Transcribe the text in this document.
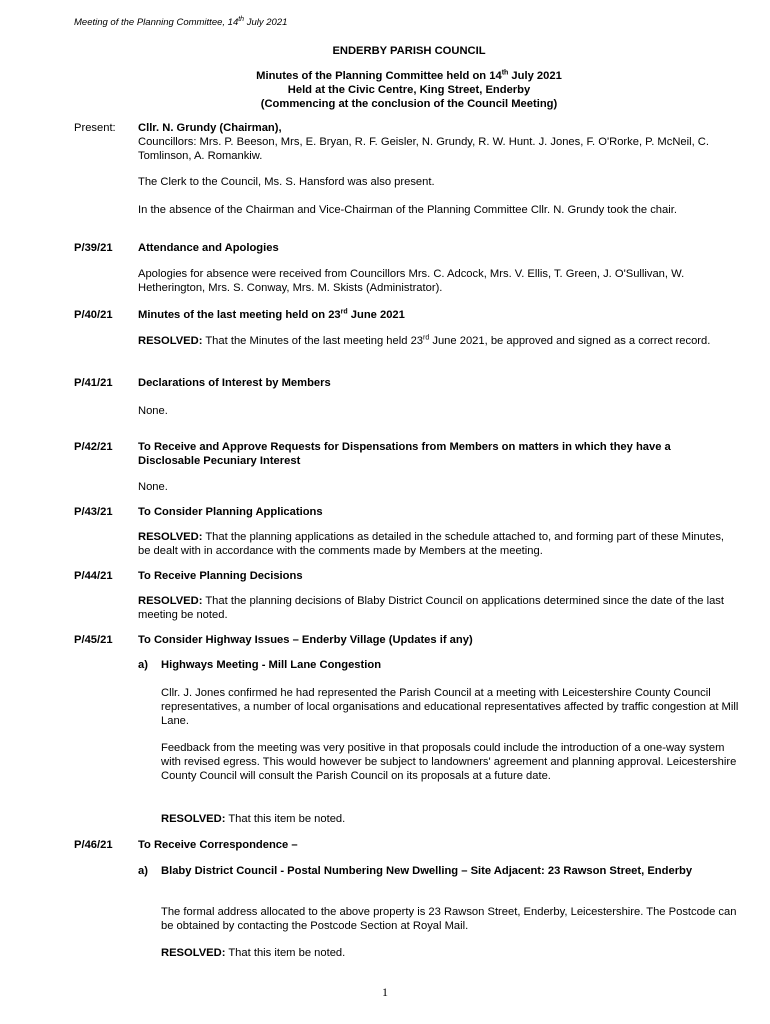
Meeting of the Planning Committee, 14th July 2021
ENDERBY PARISH COUNCIL
Minutes of the Planning Committee held on 14th July 2021
Held at the Civic Centre, King Street, Enderby
(Commencing at the conclusion of the Council Meeting)
Present: Cllr. N. Grundy (Chairman),
Councillors: Mrs. P. Beeson, Mrs, E. Bryan, R. F. Geisler, N. Grundy, R. W. Hunt. J. Jones, F. O'Rorke, P. McNeil, C. Tomlinson, A. Romankiw.
The Clerk to the Council, Ms. S. Hansford was also present.
In the absence of the Chairman and Vice-Chairman of the Planning Committee Cllr. N. Grundy took the chair.
P/39/21 Attendance and Apologies
Apologies for absence were received from Councillors Mrs. C. Adcock, Mrs. V. Ellis, T. Green, J. O'Sullivan, W. Hetherington, Mrs. S. Conway, Mrs. M. Skists (Administrator).
P/40/21 Minutes of the last meeting held on 23rd June 2021
RESOLVED: That the Minutes of the last meeting held 23rd June 2021, be approved and signed as a correct record.
P/41/21 Declarations of Interest by Members
None.
P/42/21 To Receive and Approve Requests for Dispensations from Members on matters in which they have a Disclosable Pecuniary Interest
None.
P/43/21 To Consider Planning Applications
RESOLVED: That the planning applications as detailed in the schedule attached to, and forming part of these Minutes, be dealt with in accordance with the comments made by Members at the meeting.
P/44/21 To Receive Planning Decisions
RESOLVED: That the planning decisions of Blaby District Council on applications determined since the date of the last meeting be noted.
P/45/21 To Consider Highway Issues – Enderby Village (Updates if any)
a) Highways Meeting - Mill Lane Congestion
Cllr. J. Jones confirmed he had represented the Parish Council at a meeting with Leicestershire County Council representatives, a number of local organisations and educational representatives affected by traffic congestion at Mill Lane.
Feedback from the meeting was very positive in that proposals could include the introduction of a one-way system with revised egress. This would however be subject to landowners' agreement and planning approval. Leicestershire County Council will consult the Parish Council on its proposals at a future date.
RESOLVED: That this item be noted.
P/46/21 To Receive Correspondence –
a) Blaby District Council - Postal Numbering New Dwelling – Site Adjacent: 23 Rawson Street, Enderby
The formal address allocated to the above property is 23 Rawson Street, Enderby, Leicestershire. The Postcode can be obtained by contacting the Postcode Section at Royal Mail.
RESOLVED: That this item be noted.
1
